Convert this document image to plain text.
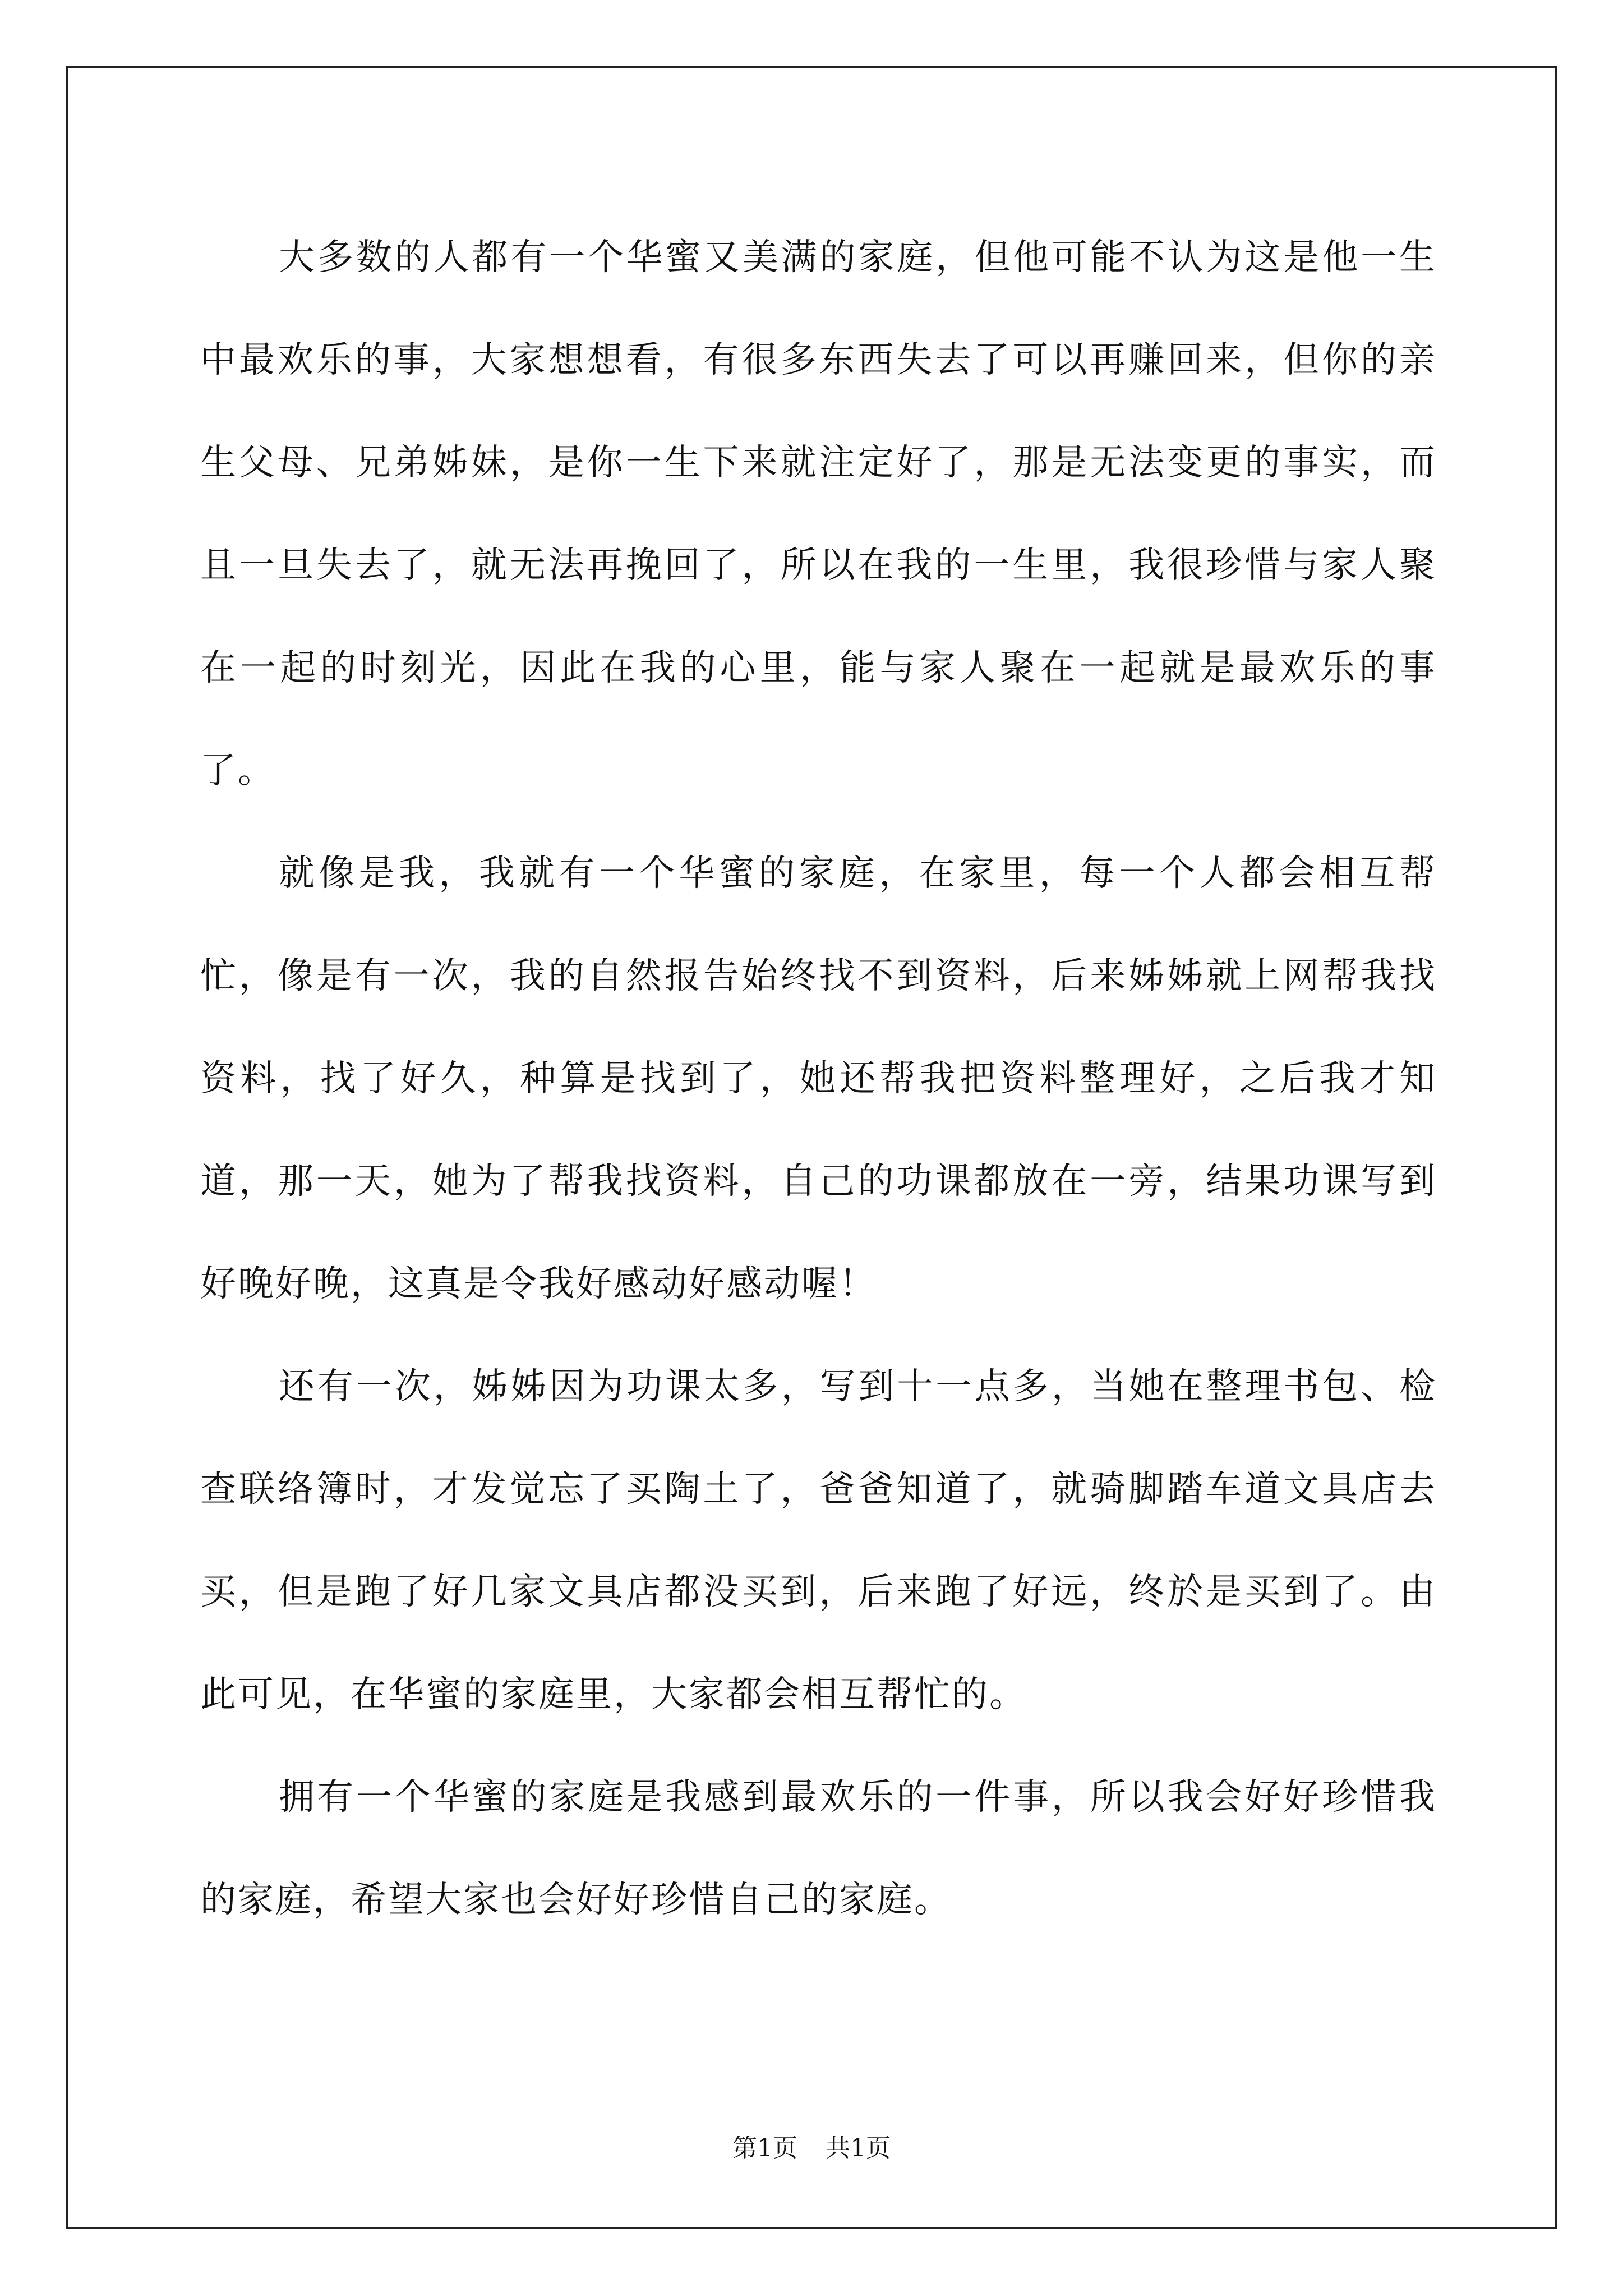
大多数的人都有一个华蜜又美满的家庭，但他可能不认为这是他一生中最欢乐的事，大家想想看，有很多东西失去了可以再赚回来，但你的亲生父母、兄弟姊妹，是你一生下来就注定好了，那是无法变更的事实，而且一旦失去了，就无法再挽回了，所以在我的一生里，我很珍惜与家人聚在一起的时刻光，因此在我的心里，能与家人聚在一起就是最欢乐的事了。

就像是我，我就有一个华蜜的家庭，在家里，每一个人都会相互帮忙，像是有一次，我的自然报告始终找不到资料，后来姊姊就上网帮我找资料，找了好久，种算是找到了，她还帮我把资料整理好，之后我才知道，那一天，她为了帮我找资料，自己的功课都放在一旁，结果功课写到好晚好晚，这真是令我好感动好感动喔！

还有一次，姊姊因为功课太多，写到十一点多，当她在整理书包、检查联络簿时，才发觉忘了买陶土了，爸爸知道了，就骑脚踏车道文具店去买，但是跑了好几家文具店都没买到，后来跑了好远，终於是买到了。由此可见，在华蜜的家庭里，大家都会相互帮忙的。

拥有一个华蜜的家庭是我感到最欢乐的一件事，所以我会好好珍惜我的家庭，希望大家也会好好珍惜自己的家庭。

第1页 共1页
